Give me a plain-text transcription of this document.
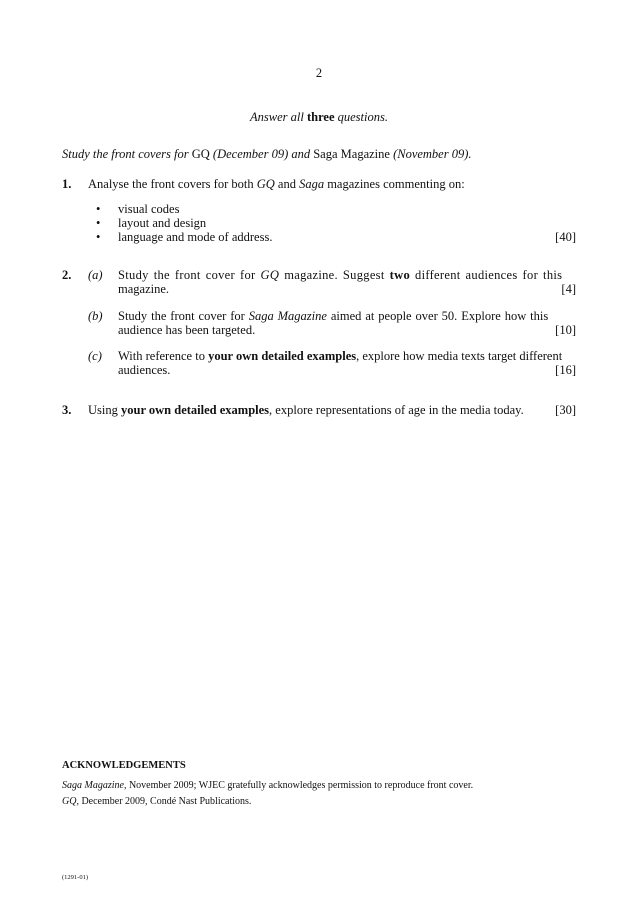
2
Answer all three questions.
Study the front covers for GQ (December 09) and Saga Magazine (November 09).
1. Analyse the front covers for both GQ and Saga magazines commenting on:
• visual codes
• layout and design
• language and mode of address.	[40]
2. (a) Study the front cover for GQ magazine. Suggest two different audiences for this
magazine.	[4]
(b) Study the front cover for Saga Magazine aimed at people over 50. Explore how this
audience has been targeted.	[10]
(c) With reference to your own detailed examples, explore how media texts target different
audiences.	[16]
3. Using your own detailed examples, explore representations of age in the media today.	[30]
ACKNOWLEDGEMENTS
Saga Magazine, November 2009; WJEC gratefully acknowledges permission to reproduce front cover.
GQ, December 2009, Condé Nast Publications.
(1291-01)
